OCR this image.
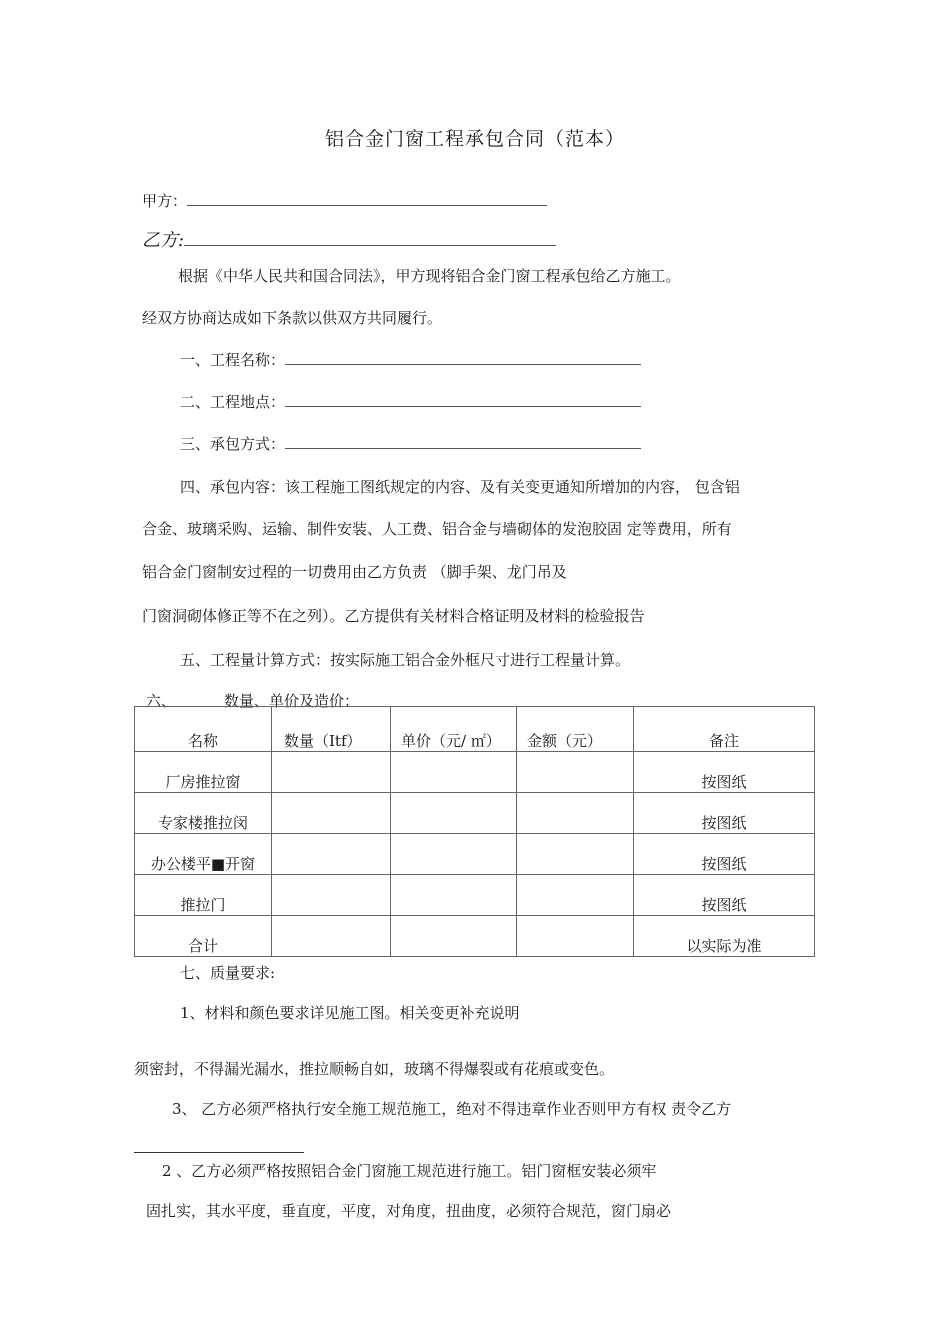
铝合金门窗工程承包合同（范本）
甲方：
乙方:
根据《中华人民共和国合同法》，甲方现将铝合金门窗工程承包给乙方施工。
经双方协商达成如下条款以供双方共同履行。
一、工程名称：
二、工程地点：
三、承包方式：
四、承包内容：该工程施工图纸规定的内容、及有关变更通知所增加的内容， 包含铝
合金、玻璃采购、运输、制件安装、人工费、铝合金与墙砌体的发泡胶固 定等费用，所有
铝合金门窗制安过程的一切费用由乙方负责 （脚手架、龙门吊及
门窗洞砌体修正等不在之列）。乙方提供有关材料合格证明及材料的检验报告
五、工程量计算方式：按实际施工铝合金外框尺寸进行工程量计算。
六、	数量、单价及造价：
名称	数量（Itf）	单价（元/ ㎡）	金额（元）	备注
厂房推拉窗				按图纸
专家楼推拉闵				按图纸
办公楼平■开窗				按图纸
推拉门				按图纸
合计				以实际为准
七、质量要求:
1、材料和颜色要求详见施工图。相关变更补充说明
须密封，不得漏光漏水，推拉顺畅自如，玻璃不得爆裂或有花痕或变色。
3、 乙方必须严格执行安全施工规范施工，绝对不得违章作业否则甲方有权 责令乙方
2 、乙方必须严格按照铝合金门窗施工规范进行施工。铝门窗框安装必须牢
固扎实，其水平度，垂直度，平度，对角度，扭曲度，必须符合规范，窗门扇必
